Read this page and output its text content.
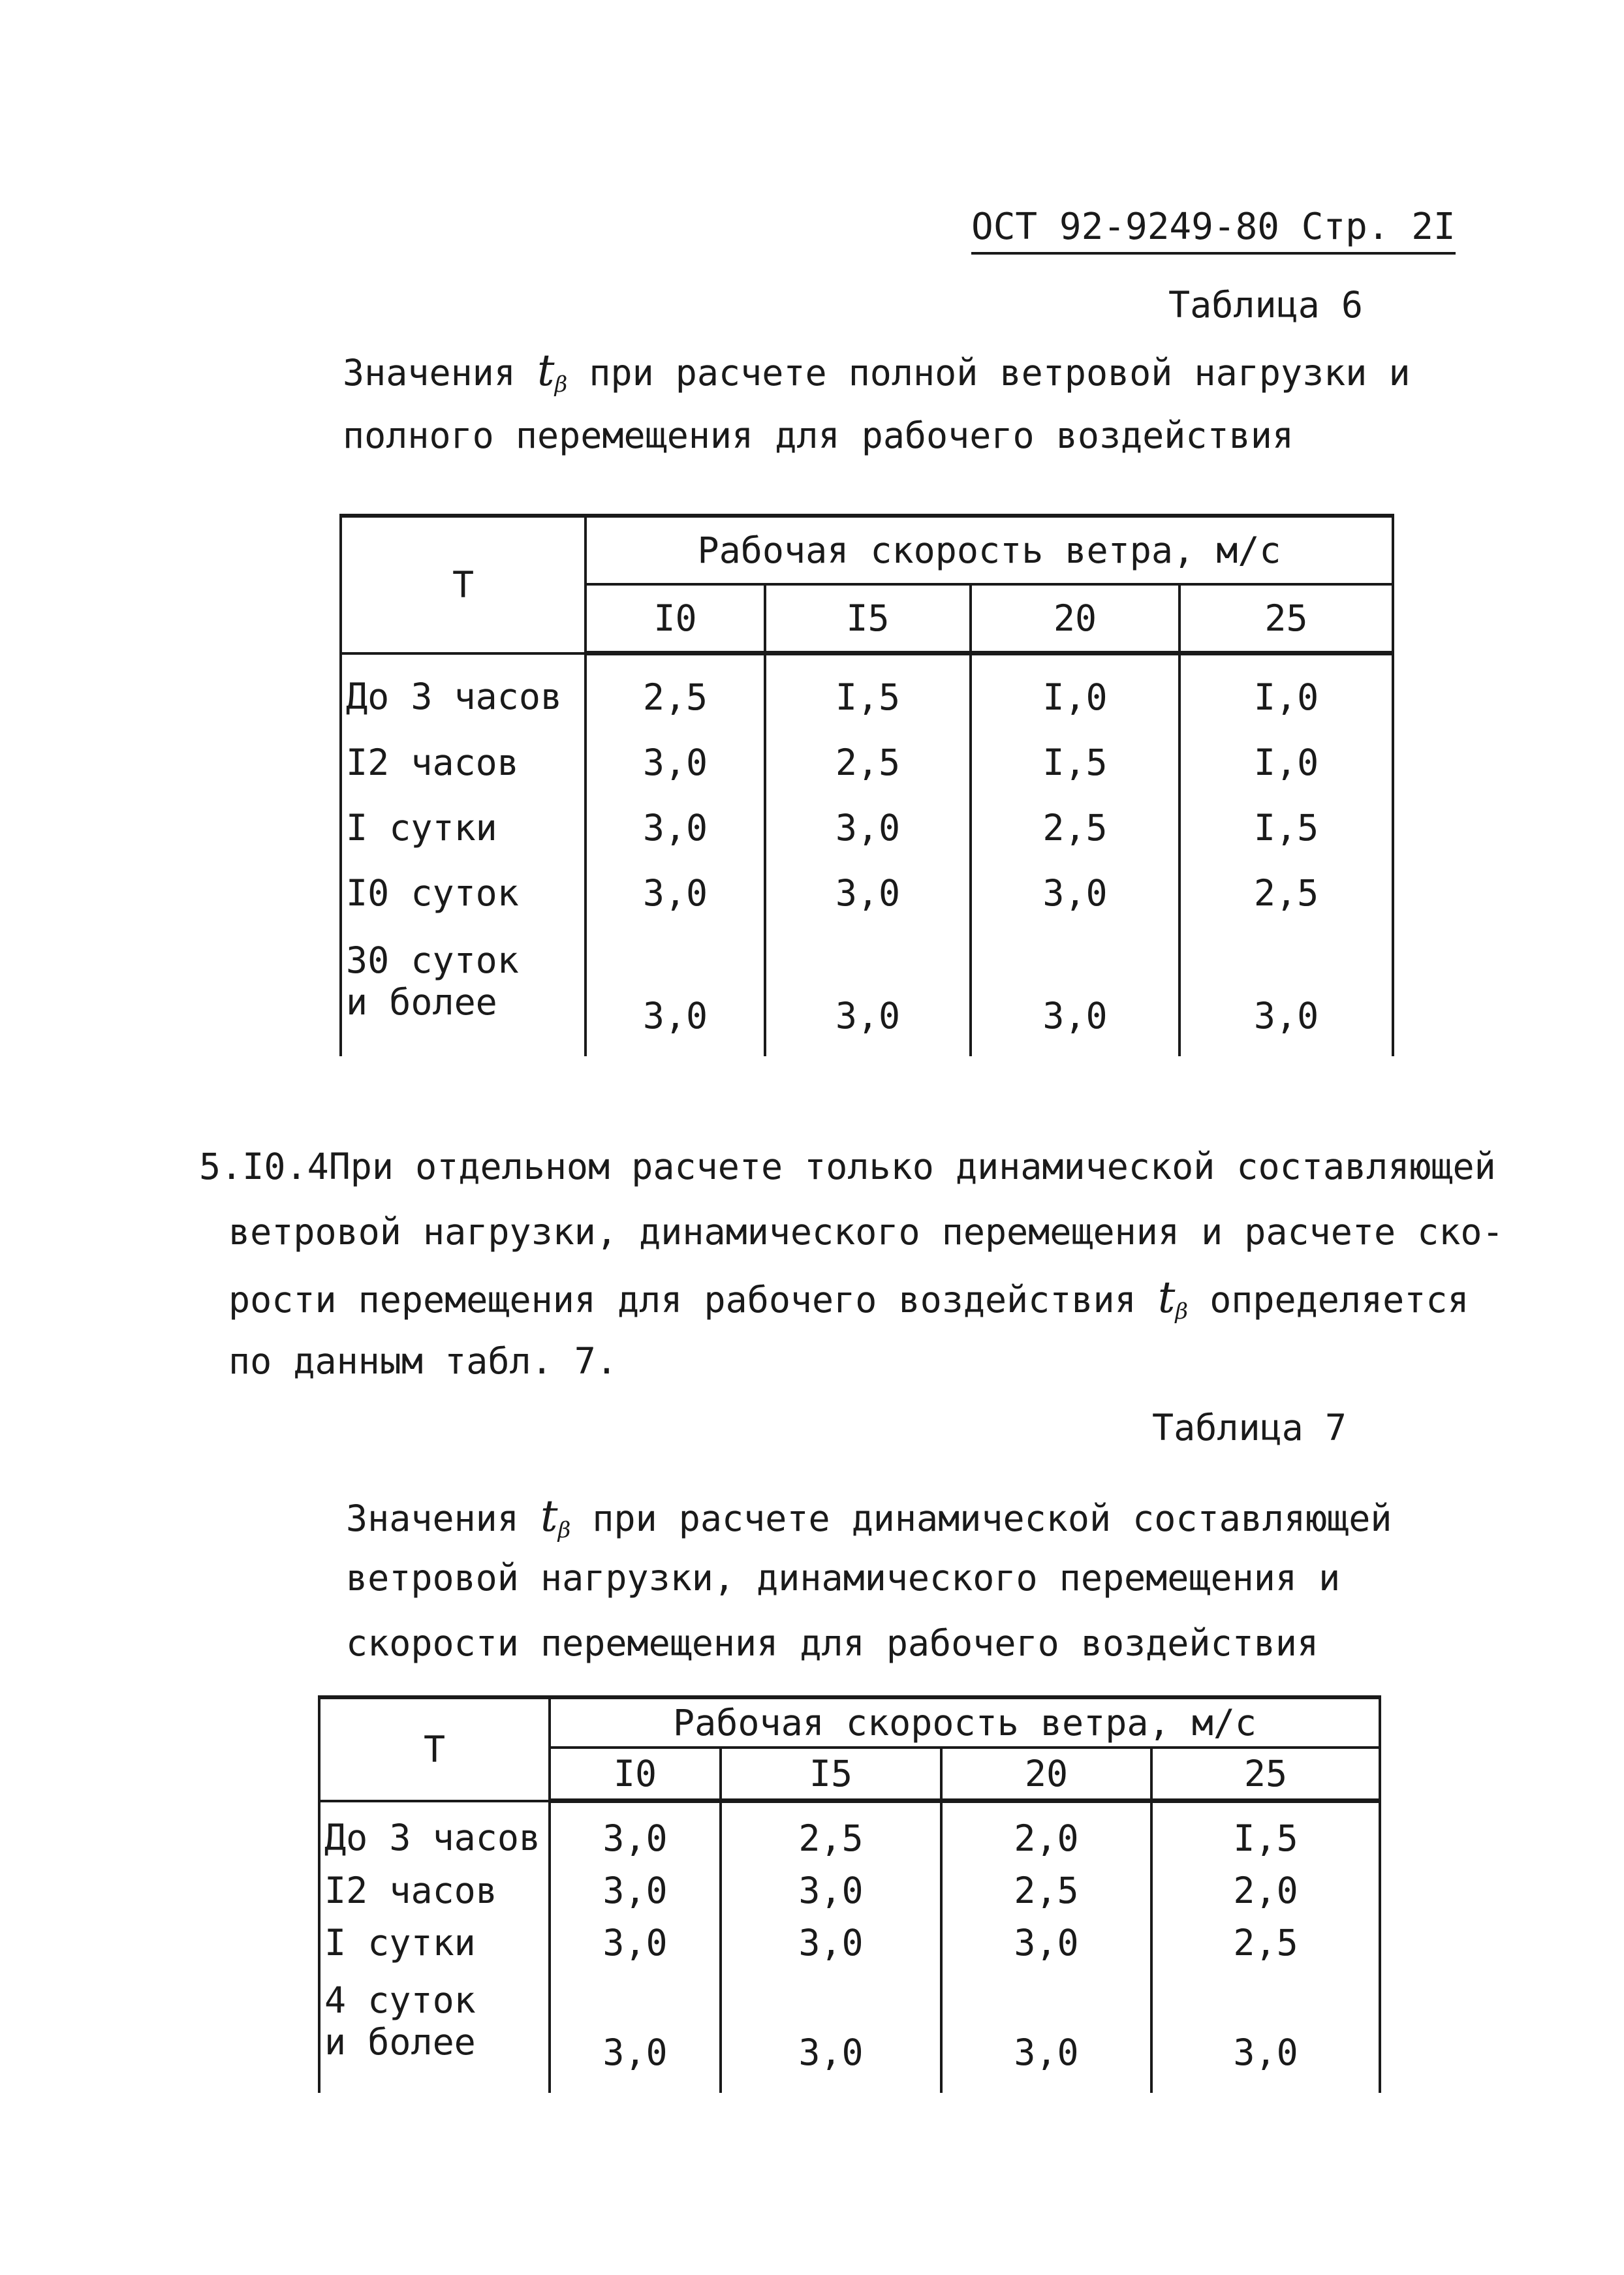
ОСТ 92-9249-80 Стр. 2I
Таблица 6
Значения $t_\beta$ при расчете полной ветровой нагрузки и
полного перемещения для рабочего воздействия
Т	Рабочая скорость ветра, м/с			
	I0	I5	20	25
До 3 часов	2,5	I,5	I,0	I,0
I2 часов	3,0	2,5	I,5	I,0
I сутки	3,0	3,0	2,5	I,5
I0 суток	3,0	3,0	3,0	2,5

30 суток
и более	3,0	3,0	3,0	3,0
5.I0.4При отдельном расчете только динамической составляющей
ветровой нагрузки, динамического перемещения и расчете ско-
рости перемещения для рабочего воздействия $t_\beta$ определяется
по данным табл. 7.
Таблица 7
Значения $t_\beta$ при расчете динамической составляющей
ветровой нагрузки, динамического перемещения и
скорости перемещения для рабочего воздействия
Т	Рабочая скорость ветра, м/с			
	I0	I5	20	25
До 3 часов	3,0	2,5	2,0	I,5
I2 часов	3,0	3,0	2,5	2,0
I сутки	3,0	3,0	3,0	2,5

4 суток
и более	3,0	3,0	3,0	3,0
